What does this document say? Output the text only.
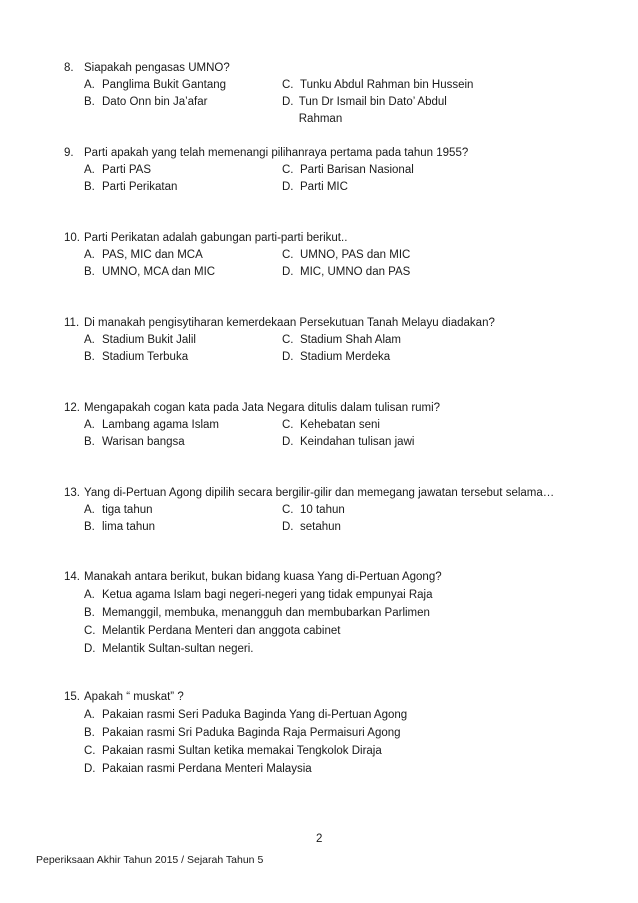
8. Siapakah pengasas UMNO?
A. Panglima Bukit Gantang	C. Tunku Abdul Rahman bin Hussein
B. Dato Onn bin Ja’afar	D. Tun Dr Ismail bin Dato’ Abdul Rahman
9. Parti apakah yang telah memenangi pilihanraya pertama pada tahun 1955?
A. Parti PAS	C. Parti Barisan Nasional
B. Parti Perikatan	D. Parti MIC
10. Parti Perikatan adalah gabungan parti-parti berikut..
A. PAS, MIC dan MCA	C. UMNO, PAS dan MIC
B. UMNO, MCA dan MIC	D. MIC, UMNO dan PAS
11. Di manakah pengisytiharan kemerdekaan Persekutuan Tanah Melayu diadakan?
A. Stadium Bukit Jalil	C. Stadium Shah Alam
B. Stadium Terbuka	D. Stadium Merdeka
12. Mengapakah cogan kata pada Jata Negara ditulis dalam tulisan rumi?
A. Lambang agama Islam	C. Kehebatan seni
B. Warisan bangsa	D. Keindahan tulisan jawi
13. Yang di-Pertuan Agong dipilih secara bergilir-gilir dan memegang jawatan tersebut selama…
A. tiga tahun	C. 10 tahun
B. lima tahun	D. setahun
14. Manakah antara berikut, bukan bidang kuasa Yang di-Pertuan Agong?
A. Ketua agama Islam bagi negeri-negeri yang tidak empunyai Raja
B. Memanggil, membuka, menangguh dan membubarkan Parlimen
C. Melantik Perdana Menteri dan anggota cabinet
D. Melantik Sultan-sultan negeri.
15. Apakah “ muskat” ?
A. Pakaian rasmi Seri Paduka Baginda Yang di-Pertuan Agong
B. Pakaian rasmi Sri Paduka Baginda Raja Permaisuri Agong
C. Pakaian rasmi Sultan ketika memakai Tengkolok Diraja
D. Pakaian rasmi Perdana Menteri Malaysia
2
Peperiksaan Akhir Tahun 2015 / Sejarah Tahun 5
